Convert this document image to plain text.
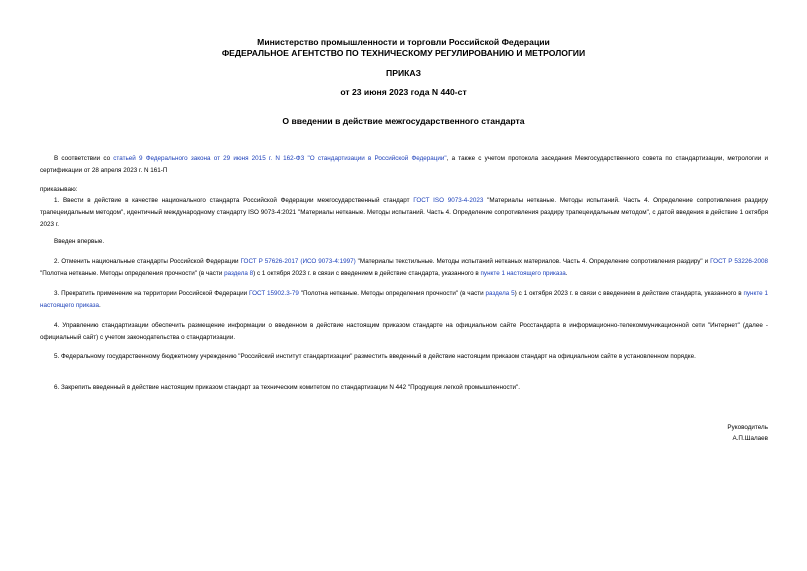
Министерство промышленности и торговли Российской Федерации
ФЕДЕРАЛЬНОЕ АГЕНТСТВО ПО ТЕХНИЧЕСКОМУ РЕГУЛИРОВАНИЮ И МЕТРОЛОГИИ
ПРИКАЗ
от 23 июня 2023 года N 440-ст
О введении в действие межгосударственного стандарта
В соответствии со статьей 9 Федерального закона от 29 июня 2015 г. N 162-ФЗ "О стандартизации в Российской Федерации", а также с учетом протокола заседания Межгосударственного совета по стандартизации, метрологии и сертификации от 28 апреля 2023 г. N 161-П
приказываю:
1. Ввести в действие в качестве национального стандарта Российской Федерации межгосударственный стандарт ГОСТ ISO 9073-4-2023 "Материалы нетканые. Методы испытаний. Часть 4. Определение сопротивления раздиру трапецеидальным методом", идентичный международному стандарту ISO 9073-4:2021 "Материалы нетканые. Методы испытаний. Часть 4. Определение сопротивления раздиру трапецеидальным методом", с датой введения в действие 1 октября 2023 г.
Введен впервые.
2. Отменить национальные стандарты Российской Федерации ГОСТ Р 57626-2017 (ИСО 9073-4:1997) "Материалы текстильные. Методы испытаний нетканых материалов. Часть 4. Определение сопротивления раздиру" и ГОСТ Р 53226-2008 "Полотна нетканые. Методы определения прочности" (в части раздела 8) с 1 октября 2023 г. в связи с введением в действие стандарта, указанного в пункте 1 настоящего приказа.
3. Прекратить применение на территории Российской Федерации ГОСТ 15902.3-79 "Полотна нетканые. Методы определения прочности" (в части раздела 5) с 1 октября 2023 г. в связи с введением в действие стандарта, указанного в пункте 1 настоящего приказа.
4. Управлению стандартизации обеспечить размещение информации о введенном в действие настоящим приказом стандарте на официальном сайте Росстандарта в информационно-телекоммуникационной сети "Интернет" (далее - официальный сайт) с учетом законодательства о стандартизации.
5. Федеральному государственному бюджетному учреждению "Российский институт стандартизации" разместить введенный в действие настоящим приказом стандарт на официальном сайте в установленном порядке.
6. Закрепить введенный в действие настоящим приказом стандарт за техническим комитетом по стандартизации N 442 "Продукция легкой промышленности".
Руководитель
А.П.Шалаев
